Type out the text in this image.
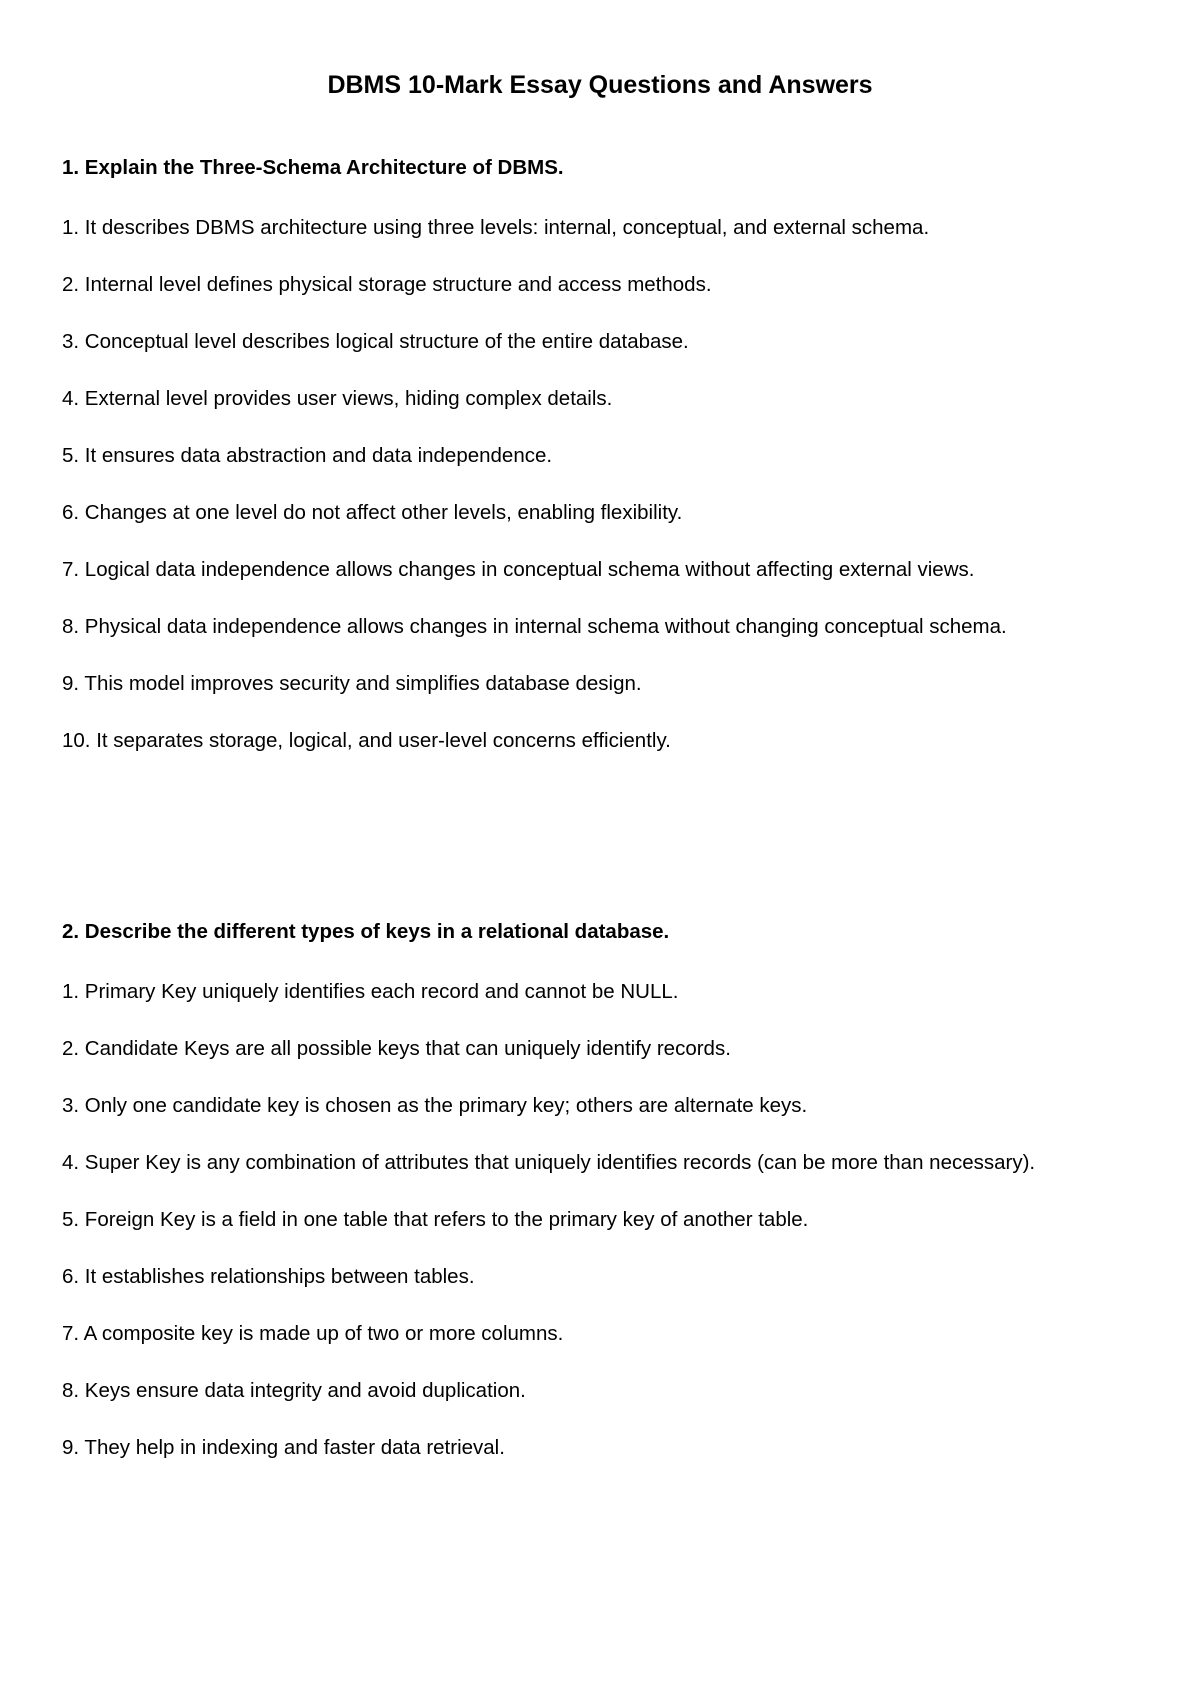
DBMS 10-Mark Essay Questions and Answers

1. Explain the Three-Schema Architecture of DBMS.

1. It describes DBMS architecture using three levels: internal, conceptual, and external schema.
2. Internal level defines physical storage structure and access methods.
3. Conceptual level describes logical structure of the entire database.
4. External level provides user views, hiding complex details.
5. It ensures data abstraction and data independence.
6. Changes at one level do not affect other levels, enabling flexibility.
7. Logical data independence allows changes in conceptual schema without affecting external views.
8. Physical data independence allows changes in internal schema without changing conceptual schema.
9. This model improves security and simplifies database design.
10. It separates storage, logical, and user-level concerns efficiently.

2. Describe the different types of keys in a relational database.

1. Primary Key uniquely identifies each record and cannot be NULL.
2. Candidate Keys are all possible keys that can uniquely identify records.
3. Only one candidate key is chosen as the primary key; others are alternate keys.
4. Super Key is any combination of attributes that uniquely identifies records (can be more than necessary).
5. Foreign Key is a field in one table that refers to the primary key of another table.
6. It establishes relationships between tables.
7. A composite key is made up of two or more columns.
8. Keys ensure data integrity and avoid duplication.
9. They help in indexing and faster data retrieval.
